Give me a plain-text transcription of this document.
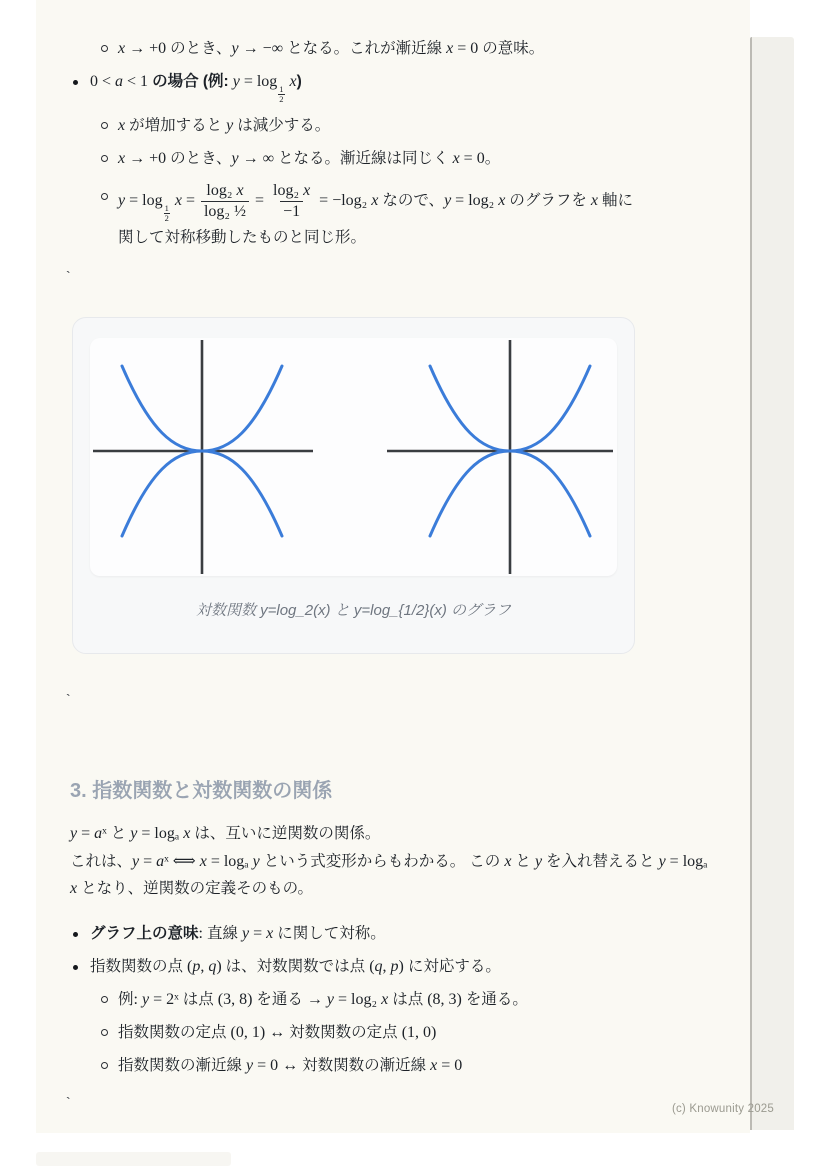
x → +0 のとき、y → −∞ となる。これが漸近線 x = 0 の意味。
0 < a < 1 の場合 (例: y = log
$\frac{1}{2}$
x)
x が増加すると y は減少する。
x → +0 のとき、y → ∞ となる。漸近線は同じく x = 0。
y = log
$\frac{1}{2}$
$x = \frac{\text{log₂ x}}{\text{log₂ ½}} = \frac{\text{log₂ x}}{-1} = -\log_2$ x なので、y = log₂ x のグラフを x 軸に
関して対称移動したものと同じ形。
`
対数関数 y=log_2(x) と y=log_{1/2}(x) のグラフ
`
3. 指数関数と対数関数の関係
y = aˣ と y = logₐ x は、互いに逆関数の関係。
これは、y = aˣ ⟺ x = logₐ y という式変形からもわかる。 この x と y を入れ替えると y = logₐ x となり、逆関数の定義そのもの。
グラフ上の意味: 直線 y = x に関して対称。
指数関数の点 (p, q) は、対数関数では点 (q, p) に対応する。
例: y = 2ˣ は点 (3, 8) を通る → y = log₂ x は点 (8, 3) を通る。
指数関数の定点 (0, 1) ↔ 対数関数の定点 (1, 0)
指数関数の漸近線 y = 0 ↔ 対数関数の漸近線 x = 0
`	(c) Knowunity 2025
